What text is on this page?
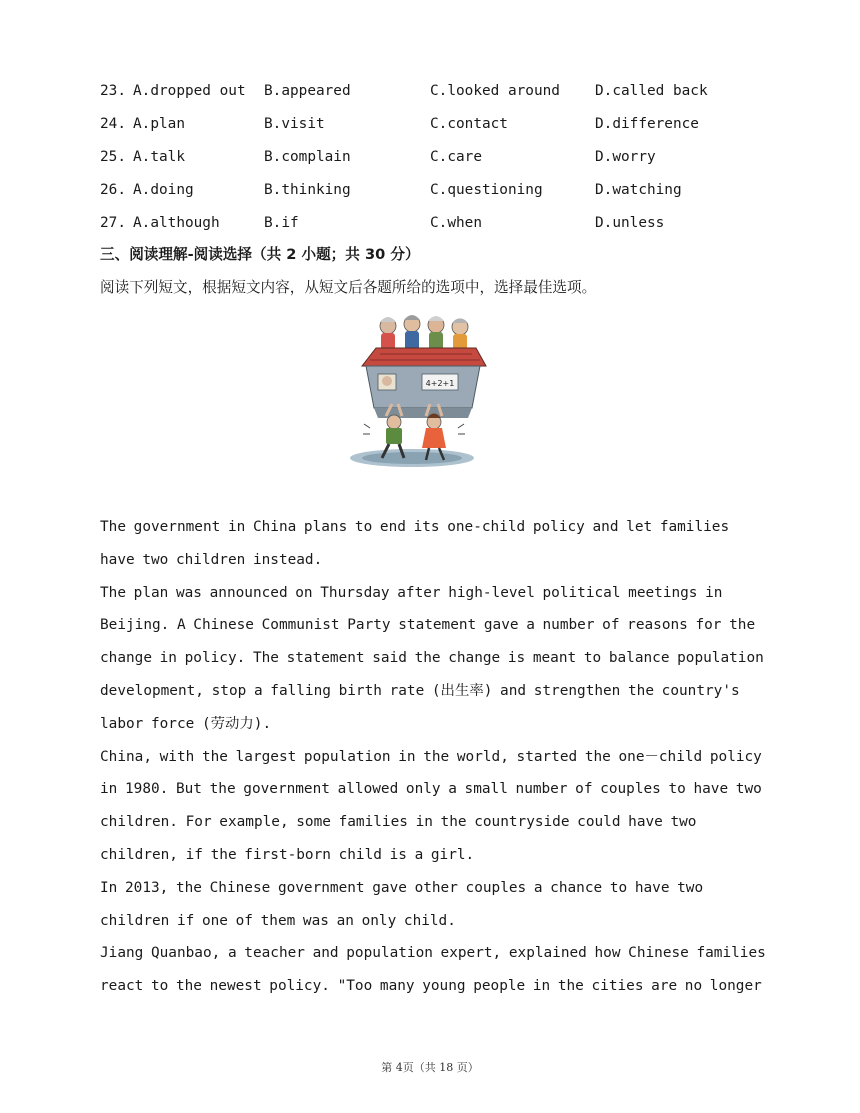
23. A.dropped out B.appeared	C.looked around D.called back
24. A.plan	B.visit	C.contact	D.difference
25. A.talk	B.complain	C.care	D.worry
26. A.doing	B.thinking	C.questioning	D.watching
27. A.although	B.if	C.when	D.unless
三、阅读理解-阅读选择（共 2 小题；共 30 分）
阅读下列短文，根据短文内容，从短文后各题所给的选项中，选择最佳选项。
4+2+1

The government in China plans to end its one-child policy and let families have two children instead.

The plan was announced on Thursday after high-level political meetings in Beijing. A Chinese Communist Party statement gave a number of reasons for the change in policy. The statement said the change is meant to balance population development, stop a falling birth rate (出生率) and strengthen the country's labor force (劳动力).

China, with the largest population in the world, started the one－child policy in 1980. But the government allowed only a small number of couples to have two children. For example, some families in the countryside could have two children, if the first-born child is a girl.

In 2013, the Chinese government gave other couples a chance to have two children if one of them was an only child.

Jiang Quanbao, a teacher and population expert, explained how Chinese families react to the newest policy. "Too many young people in the cities are no longer

第 4页（共 18 页）
